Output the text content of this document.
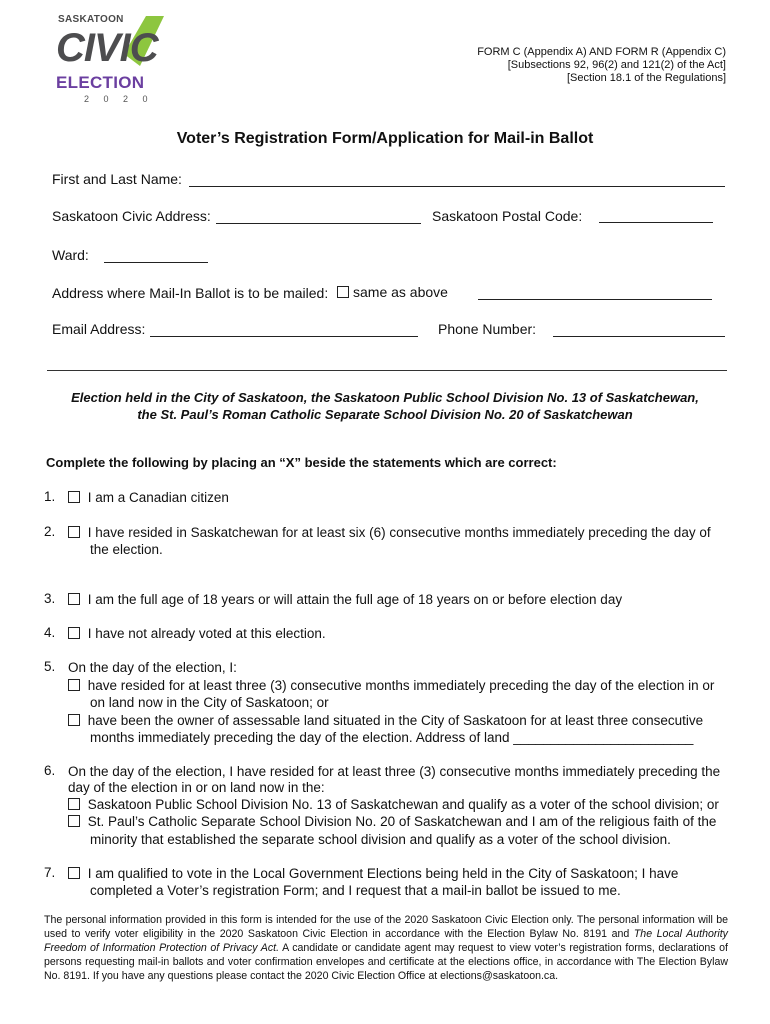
SASKATOON
CIVIC
ELECTION
2 0 2 0
FORM C (Appendix A) AND FORM R (Appendix C)
[Subsections 92, 96(2) and 121(2) of the Act]
[Section 18.1 of the Regulations]
Voter’s Registration Form/Application for Mail-in Ballot
First and Last Name:
Saskatoon Civic Address:	Saskatoon Postal Code:
Ward:
Address where Mail-In Ballot is to be mailed:	same as above
Email Address:	Phone Number:
Election held in the City of Saskatoon, the Saskatoon Public School Division No. 13 of Saskatchewan,
the St. Paul’s Roman Catholic Separate School Division No. 20 of Saskatchewan
Complete the following by placing an “X” beside the statements which are correct:
1.	I am a Canadian citizen
2.	I have resided in Saskatchewan for at least six (6) consecutive months immediately preceding the day of
the election.
3.	I am the full age of 18 years or will attain the full age of 18 years on or before election day
4.	I have not already voted at this election.
5. On the day of the election, I:
have resided for at least three (3) consecutive months immediately preceding the day of the election in or
on land now in the City of Saskatoon; or
have been the owner of assessable land situated in the City of Saskatoon for at least three consecutive
months immediately preceding the day of the election. Address of land ________________________
6. On the day of the election, I have resided for at least three (3) consecutive months immediately preceding the
day of the election in or on land now in the:
Saskatoon Public School Division No. 13 of Saskatchewan and qualify as a voter of the school division; or
St. Paul’s Catholic Separate School Division No. 20 of Saskatchewan and I am of the religious faith of the
minority that established the separate school division and qualify as a voter of the school division.
7.	I am qualified to vote in the Local Government Elections being held in the City of Saskatoon; I have
completed a Voter’s registration Form; and I request that a mail-in ballot be issued to me.
The personal information provided in this form is intended for the use of the 2020 Saskatoon Civic Election only. The personal information will be used to verify voter eligibility in the 2020 Saskatoon Civic Election in accordance with the Election Bylaw No. 8191 and The Local Authority Freedom of Information Protection of Privacy Act. A candidate or candidate agent may request to view voter’s registration forms, declarations of persons requesting mail-in ballots and voter confirmation envelopes and certificate at the elections office, in accordance with The Election Bylaw No. 8191. If you have any questions please contact the 2020 Civic Election Office at elections@saskatoon.ca.
